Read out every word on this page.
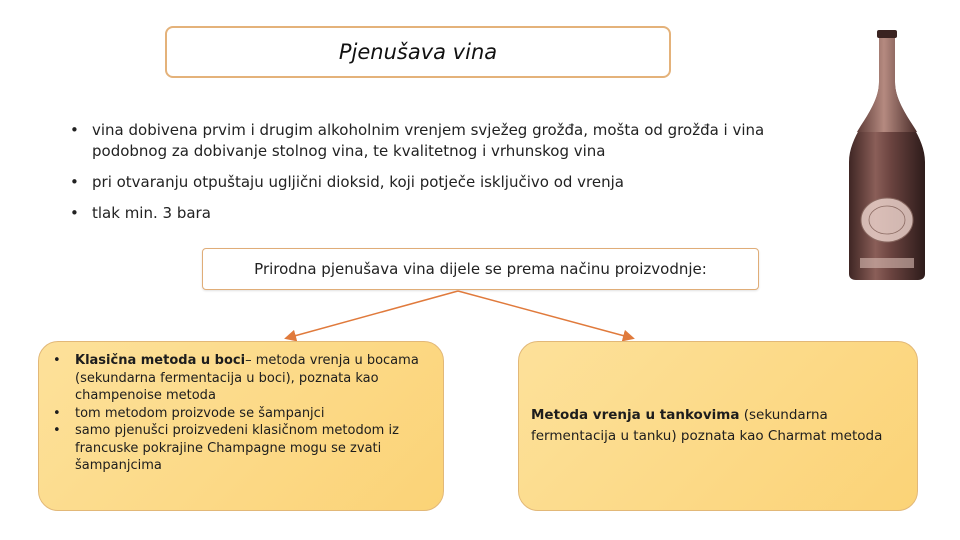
Pjenušava vina
• vina dobivena prvim i drugim alkoholnim vrenjem svježeg grožđa, mošta od grožđa i vina podobnog za dobivanje stolnog vina, te kvalitetnog i vrhunskog vina
• pri otvaranju otpuštaju ugljični dioksid, koji potječe isključivo od vrenja
• tlak min. 3 bara
Prirodna pjenušava vina dijele se prema načinu proizvodnje:
•	Klasična metoda u boci– metoda vrenja u bocama (sekundarna fermentacija u boci), poznata kao champenoise metoda
•	tom metodom proizvode se šampanjci
•	samo pjenušci proizvedeni klasičnom metodom iz francuske pokrajine Champagne mogu se zvati šampanjcima
Metoda vrenja u tankovima (sekundarna fermentacija u tanku) poznata kao Charmat metoda
